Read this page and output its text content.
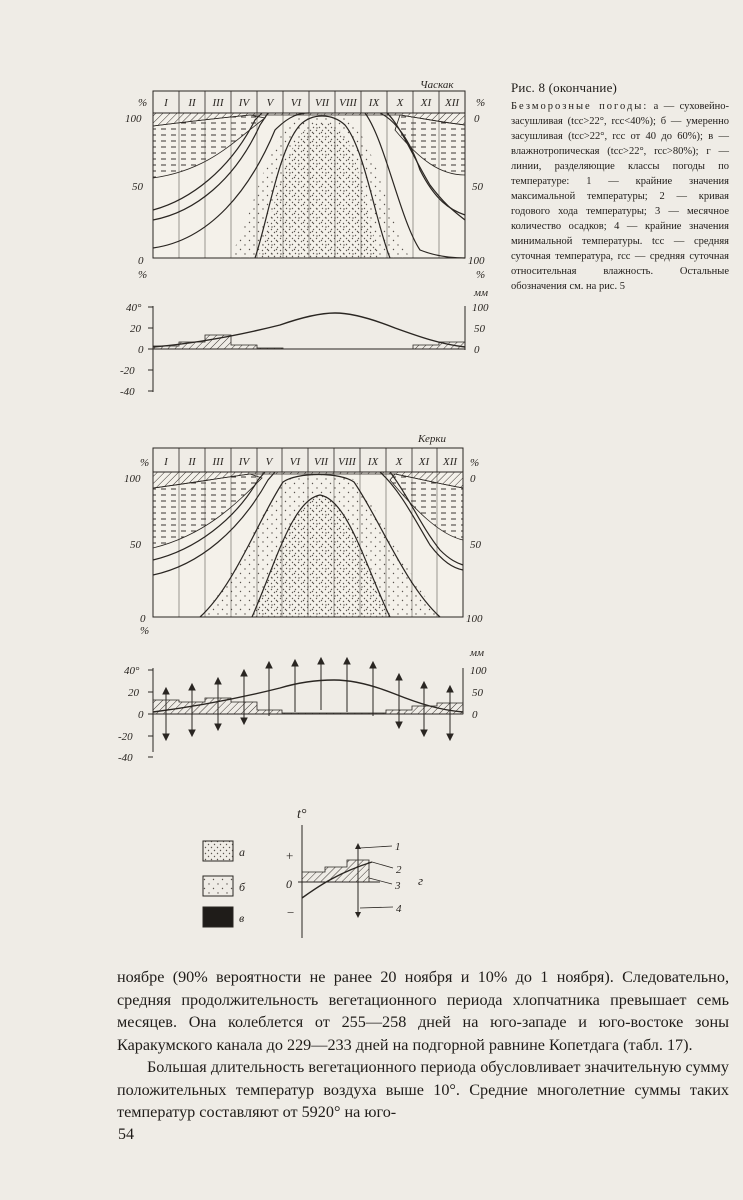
Часкак
I II III IV V VI VII VIII IX X XI XII
%	%
100
50
0
%
0
50
100
%
40°
20
0
-20
-40
мм
100
50
0
Керки
I II III IV V VI VII VIII IX X XI XII
%	%
100
50
0
%
0
50
100
40°
20
0
-20
-40
мм
100
50
0
а
б
в
t°
+
0
−
1
2
3
4
г
Рис. 8 (окончание)
Безморозные погоды: а — суховейно-засушливая (tсс>22°, rсс<40%); б — умеренно засушливая (tсс>22°, rсс от 40 до 60%); в — влажнотропическая (tсс>22°, rсс>80%); г — линии, разделяющие классы погоды по температуре: 1 — крайние значения максимальной температуры; 2 — кривая годового хода температуры; 3 — месячное количество осадков; 4 — крайние значения минимальной температуры. tсс — средняя суточная температура, rсс — средняя суточная относительная влажность.	Остальные обозначения см. на рис. 5

ноябре (90% вероятности не ранее 20 ноября и 10% до 1 ноября). Следовательно, средняя продолжительность вегетационного периода хлопчатника превышает семь месяцев. Она колеблется от 255—258 дней на юго-западе и юго-востоке зоны Каракумского канала до 229—233 дней на подгорной равнине Копетдага (табл. 17).

Большая длительность вегетационного периода обусловливает значительную сумму положительных температур воздуха выше 10°. Средние многолетние суммы таких температур составляют от 5920° на юго-

54
